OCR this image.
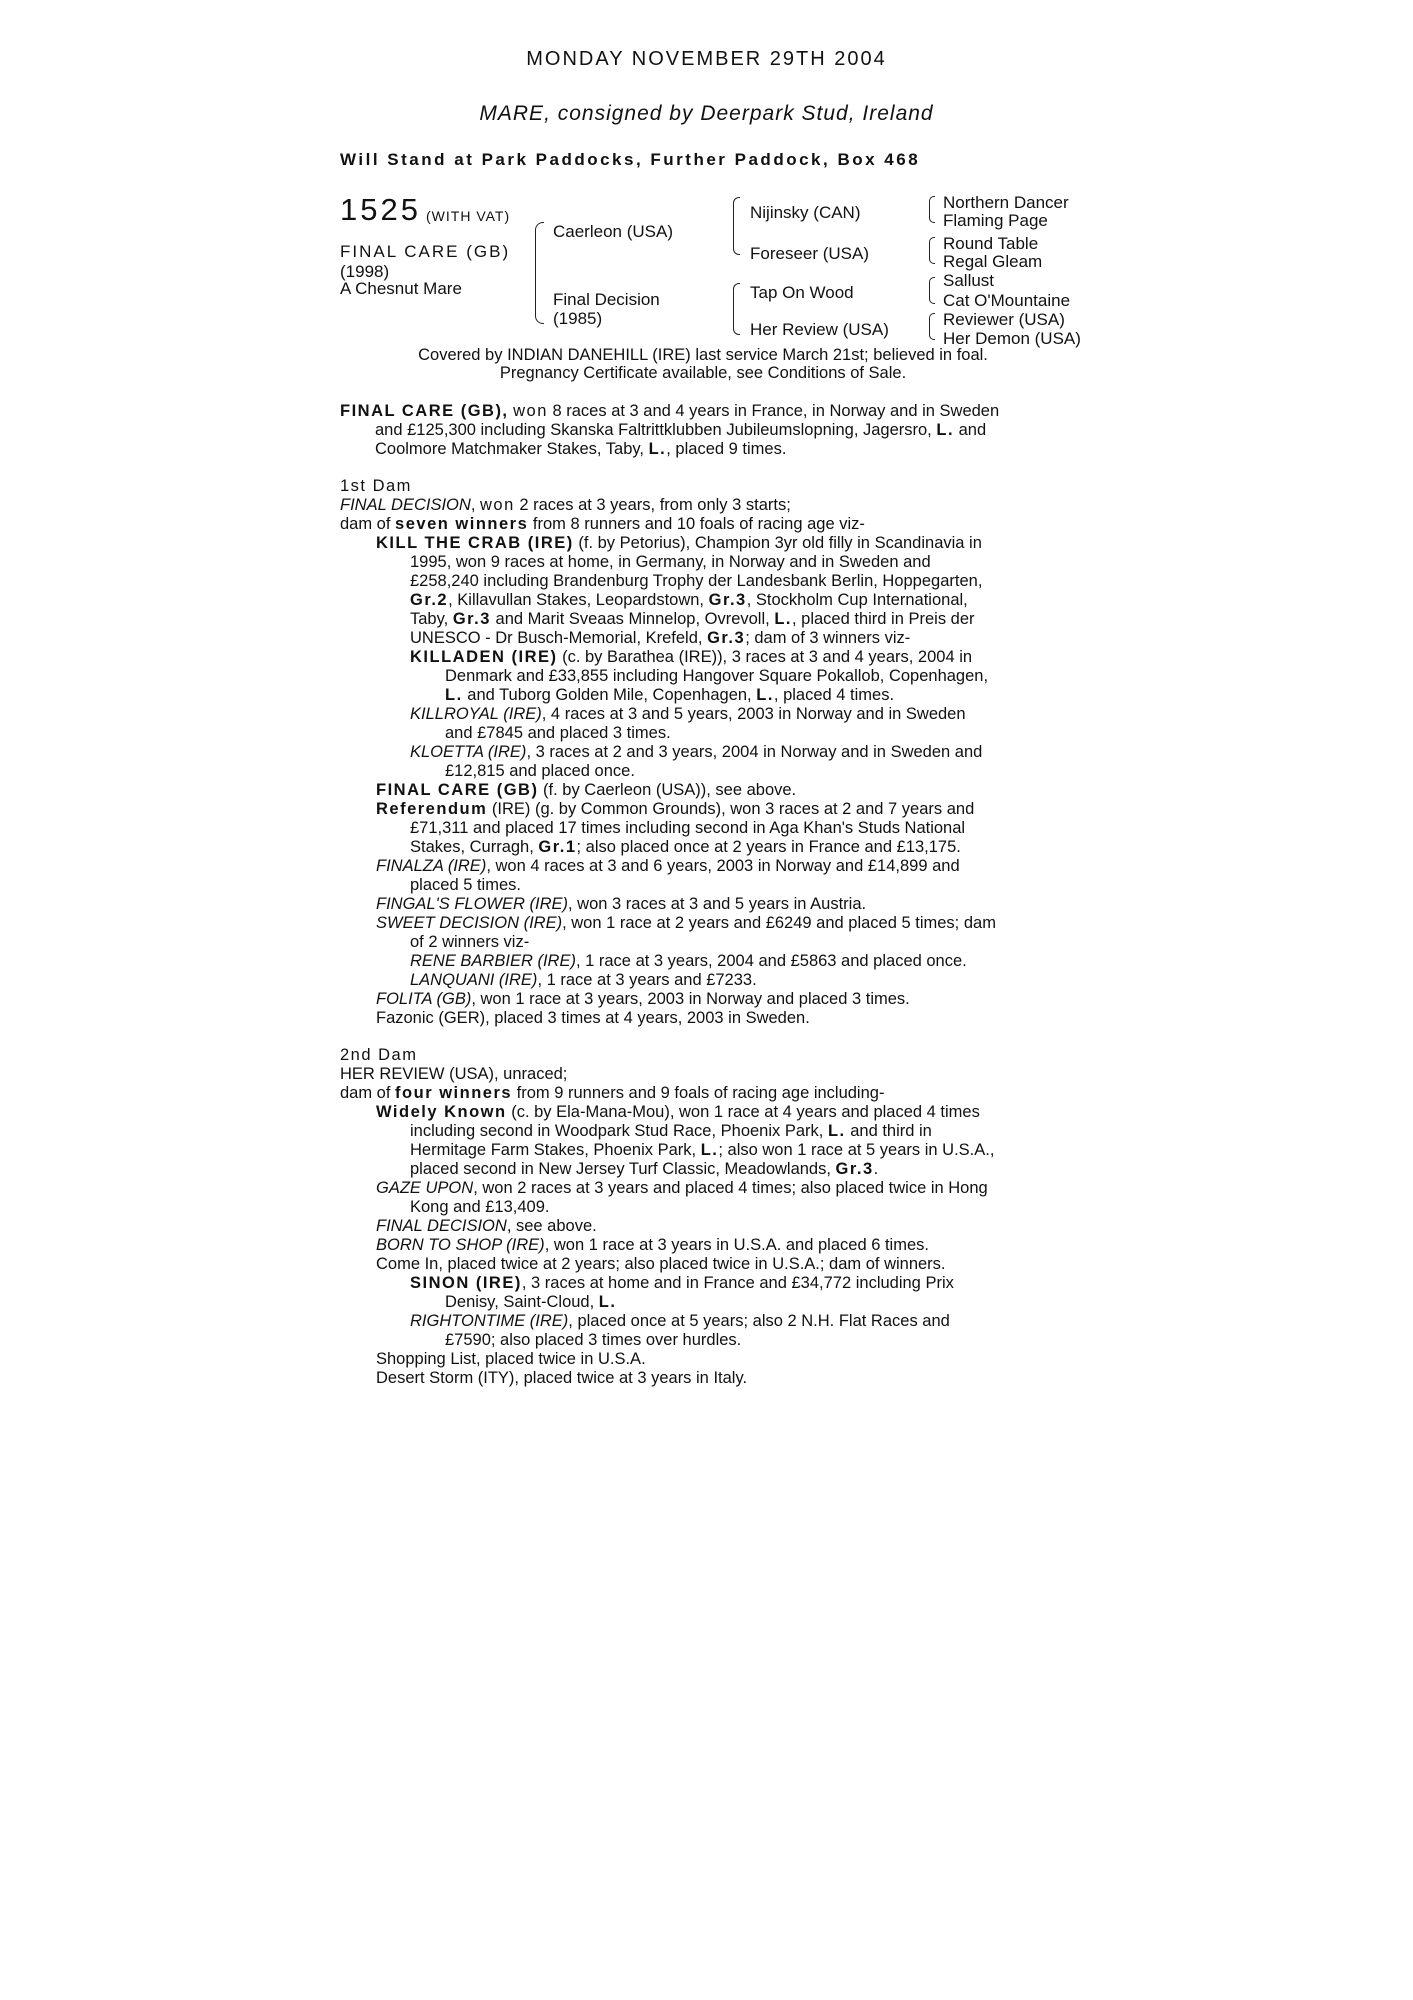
MONDAY NOVEMBER 29TH 2004
MARE, consigned by Deerpark Stud, Ireland
Will Stand at Park Paddocks, Further Paddock, Box 468
1525 (WITH VAT)
FINAL CARE (GB)
(1998)
A Chesnut Mare
Caerleon (USA)
Final Decision
(1985)
Nijinsky (CAN)
Foreseer (USA)
Tap On Wood
Her Review (USA)
Northern Dancer
Flaming Page
Round Table
Regal Gleam
Sallust
Cat O'Mountaine
Reviewer (USA)
Her Demon (USA)
Covered by INDIAN DANEHILL (IRE) last service March 21st; believed in foal.
Pregnancy Certificate available, see Conditions of Sale.
FINAL CARE (GB), won 8 races at 3 and 4 years in France, in Norway and in Sweden
and £125,300 including Skanska Faltrittklubben Jubileumslopning, Jagersro, L. and
Coolmore Matchmaker Stakes, Taby, L., placed 9 times.
1st Dam
FINAL DECISION, won 2 races at 3 years, from only 3 starts;
dam of seven winners from 8 runners and 10 foals of racing age viz-
KILL THE CRAB (IRE) (f. by Petorius), Champion 3yr old filly in Scandinavia in
1995, won 9 races at home, in Germany, in Norway and in Sweden and
£258,240 including Brandenburg Trophy der Landesbank Berlin, Hoppegarten,
Gr.2, Killavullan Stakes, Leopardstown, Gr.3, Stockholm Cup International,
Taby, Gr.3 and Marit Sveaas Minnelop, Ovrevoll, L., placed third in Preis der
UNESCO - Dr Busch-Memorial, Krefeld, Gr.3; dam of 3 winners viz-
KILLADEN (IRE) (c. by Barathea (IRE)), 3 races at 3 and 4 years, 2004 in
Denmark and £33,855 including Hangover Square Pokallob, Copenhagen,
L. and Tuborg Golden Mile, Copenhagen, L., placed 4 times.
KILLROYAL (IRE), 4 races at 3 and 5 years, 2003 in Norway and in Sweden
and £7845 and placed 3 times.
KLOETTA (IRE), 3 races at 2 and 3 years, 2004 in Norway and in Sweden and
£12,815 and placed once.
FINAL CARE (GB) (f. by Caerleon (USA)), see above.
Referendum (IRE) (g. by Common Grounds), won 3 races at 2 and 7 years and
£71,311 and placed 17 times including second in Aga Khan's Studs National
Stakes, Curragh, Gr.1; also placed once at 2 years in France and £13,175.
FINALZA (IRE), won 4 races at 3 and 6 years, 2003 in Norway and £14,899 and
placed 5 times.
FINGAL'S FLOWER (IRE), won 3 races at 3 and 5 years in Austria.
SWEET DECISION (IRE), won 1 race at 2 years and £6249 and placed 5 times; dam
of 2 winners viz-
RENE BARBIER (IRE), 1 race at 3 years, 2004 and £5863 and placed once.
LANQUANI (IRE), 1 race at 3 years and £7233.
FOLITA (GB), won 1 race at 3 years, 2003 in Norway and placed 3 times.
Fazonic (GER), placed 3 times at 4 years, 2003 in Sweden.
2nd Dam
HER REVIEW (USA), unraced;
dam of four winners from 9 runners and 9 foals of racing age including-
Widely Known (c. by Ela-Mana-Mou), won 1 race at 4 years and placed 4 times
including second in Woodpark Stud Race, Phoenix Park, L. and third in
Hermitage Farm Stakes, Phoenix Park, L.; also won 1 race at 5 years in U.S.A.,
placed second in New Jersey Turf Classic, Meadowlands, Gr.3.
GAZE UPON, won 2 races at 3 years and placed 4 times; also placed twice in Hong
Kong and £13,409.
FINAL DECISION, see above.
BORN TO SHOP (IRE), won 1 race at 3 years in U.S.A. and placed 6 times.
Come In, placed twice at 2 years; also placed twice in U.S.A.; dam of winners.
SINON (IRE), 3 races at home and in France and £34,772 including Prix
Denisy, Saint-Cloud, L.
RIGHTONTIME (IRE), placed once at 5 years; also 2 N.H. Flat Races and
£7590; also placed 3 times over hurdles.
Shopping List, placed twice in U.S.A.
Desert Storm (ITY), placed twice at 3 years in Italy.
